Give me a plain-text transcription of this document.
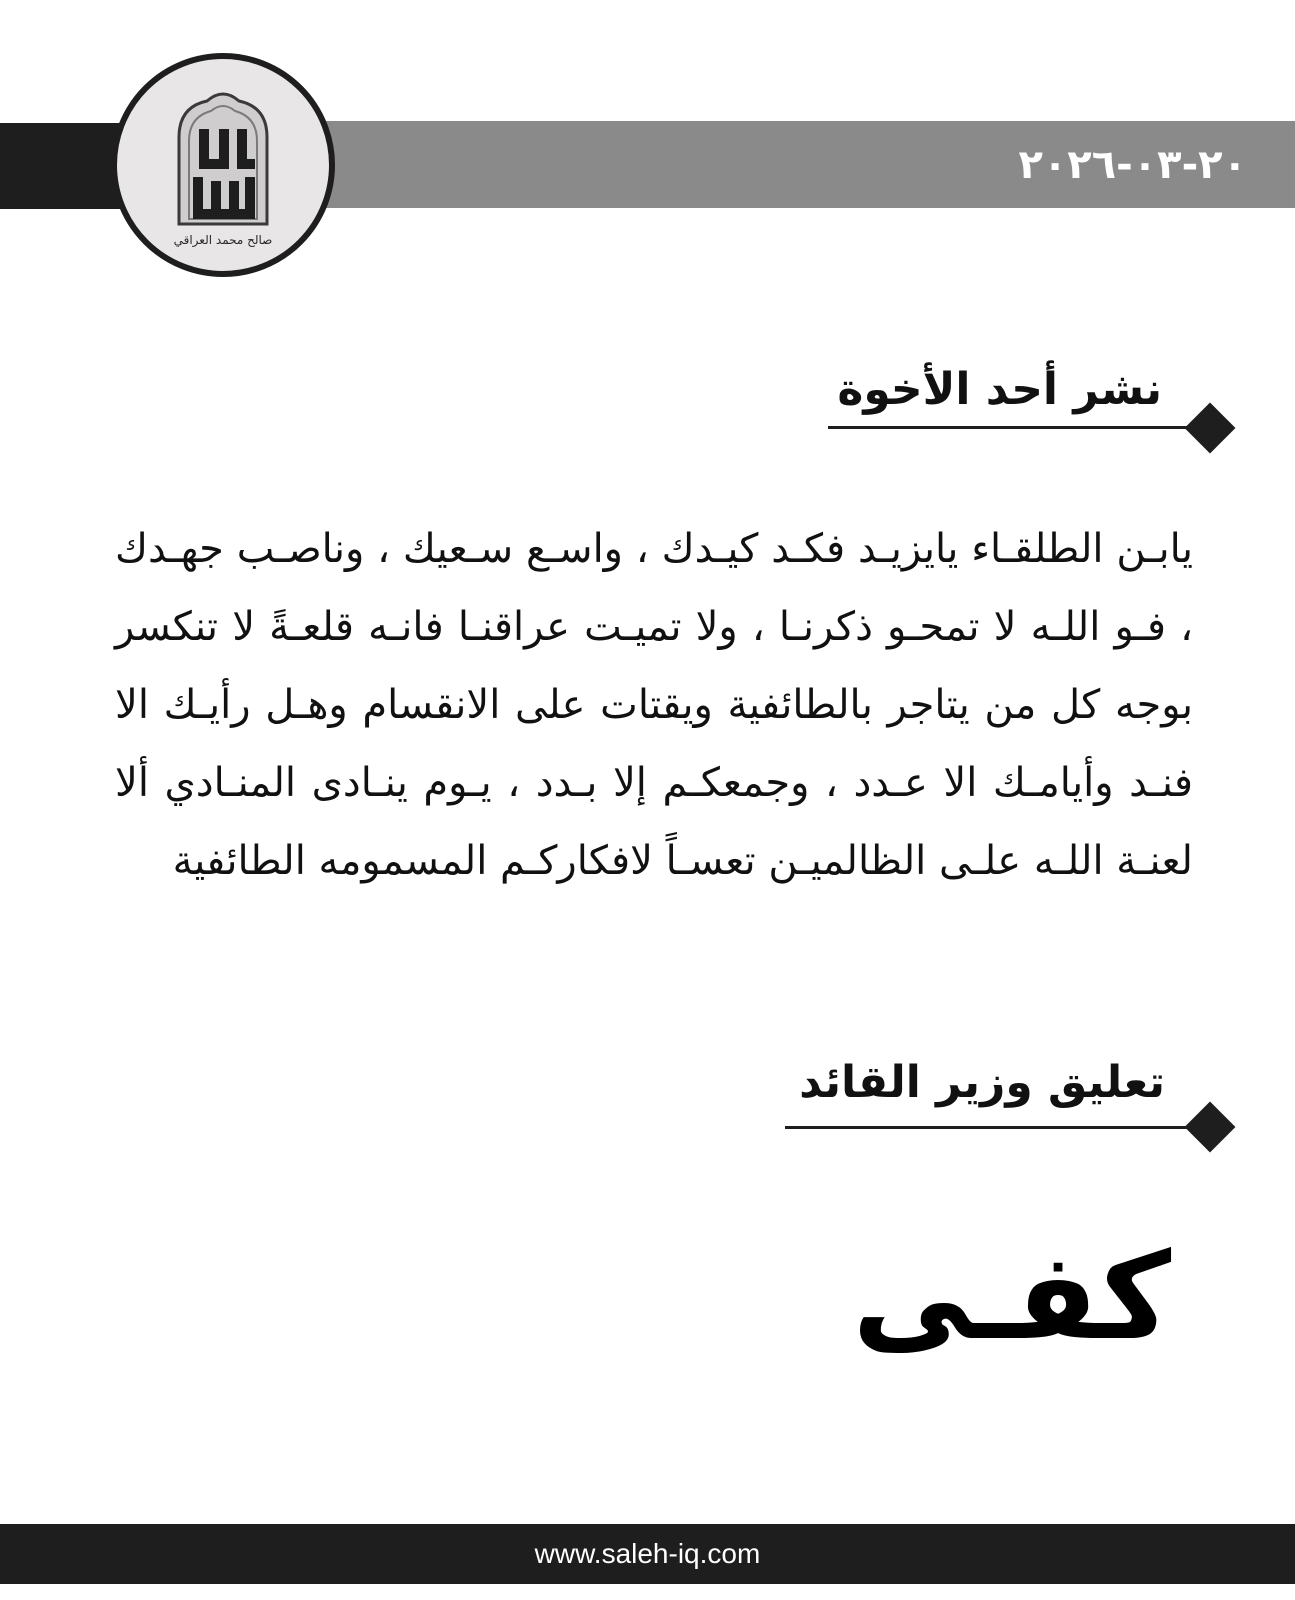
٢٠-٠٣-٢٠٢٦
صالح محمد العراقي
نشر أحد الأخوة
يابـن الطلقـاء يايزيـد فكـد كيـدك ، واسـع سـعيك ، وناصـب جهـدك ، فـو اللـه لا تمحـو ذكرنـا ، ولا تميـت عراقنـا فانـه قلعـةً لا تنكسر بوجه كل من يتاجر بالطائفية ويقتات على الانقسام وهـل رأيـك الا فنـد وأيامـك الا عـدد ، وجمعكـم إلا بـدد ، يـوم ينـادى المنـادي ألا لعنـة اللـه علـى الظالميـن تعسـاً لافكاركـم المسمومه الطائفية
تعليق وزير القائد
كفـى
www.saleh-iq.com
